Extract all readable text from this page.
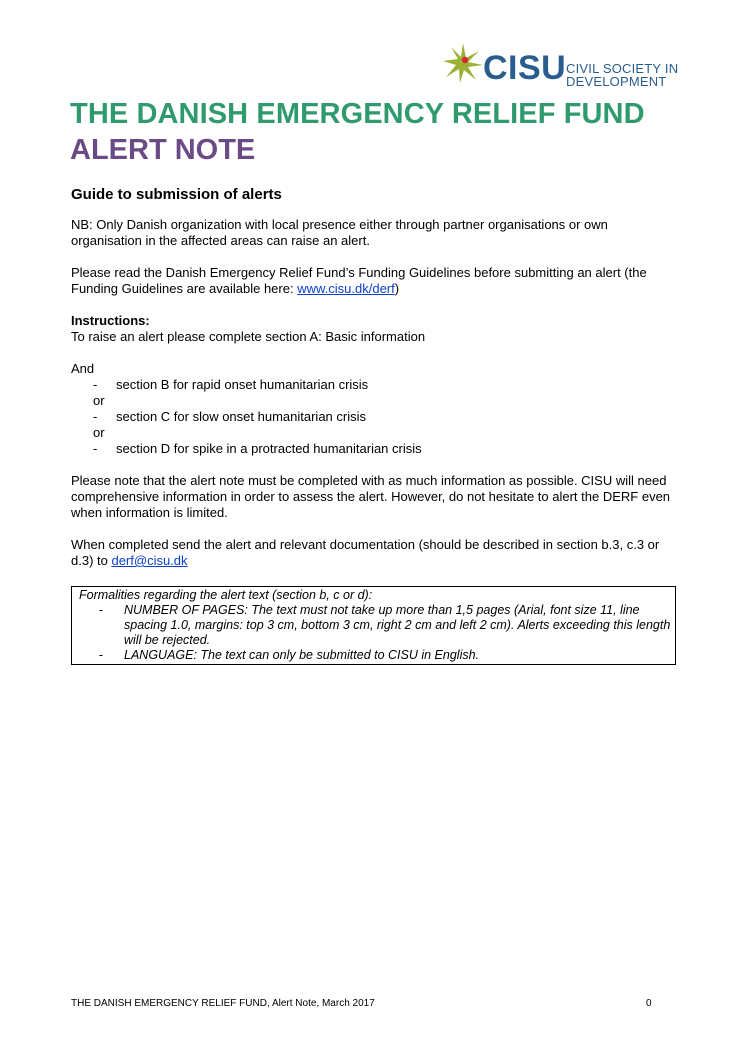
CISU CIVIL SOCIETY IN
DEVELOPMENT
THE DANISH EMERGENCY RELIEF FUND
ALERT NOTE
Guide to submission of alerts

NB: Only Danish organization with local presence either through partner organisations or own organisation in the affected areas can raise an alert.

Please read the Danish Emergency Relief Fund’s Funding Guidelines before submitting an alert (the Funding Guidelines are available here: www.cisu.dk/derf)

Instructions:
To raise an alert please complete section A: Basic information
And
- section B for rapid onset humanitarian crisis
or
- section C for slow onset humanitarian crisis
or
- section D for spike in a protracted humanitarian crisis

Please note that the alert note must be completed with as much information as possible. CISU will need comprehensive information in order to assess the alert. However, do not hesitate to alert the DERF even when information is limited.

When completed send the alert and relevant documentation (should be described in section b.3, c.3 or d.3) to derf@cisu.dk

Formalities regarding the alert text (section b, c or d):
-	NUMBER OF PAGES: The text must not take up more than 1,5 pages (Arial, font size 11, line spacing 1.0, margins: top 3 cm, bottom 3 cm, right 2 cm and left 2 cm). Alerts exceeding this length will be rejected.
-	LANGUAGE: The text can only be submitted to CISU in English.
THE DANISH EMERGENCY RELIEF FUND, Alert Note, March 2017	0
